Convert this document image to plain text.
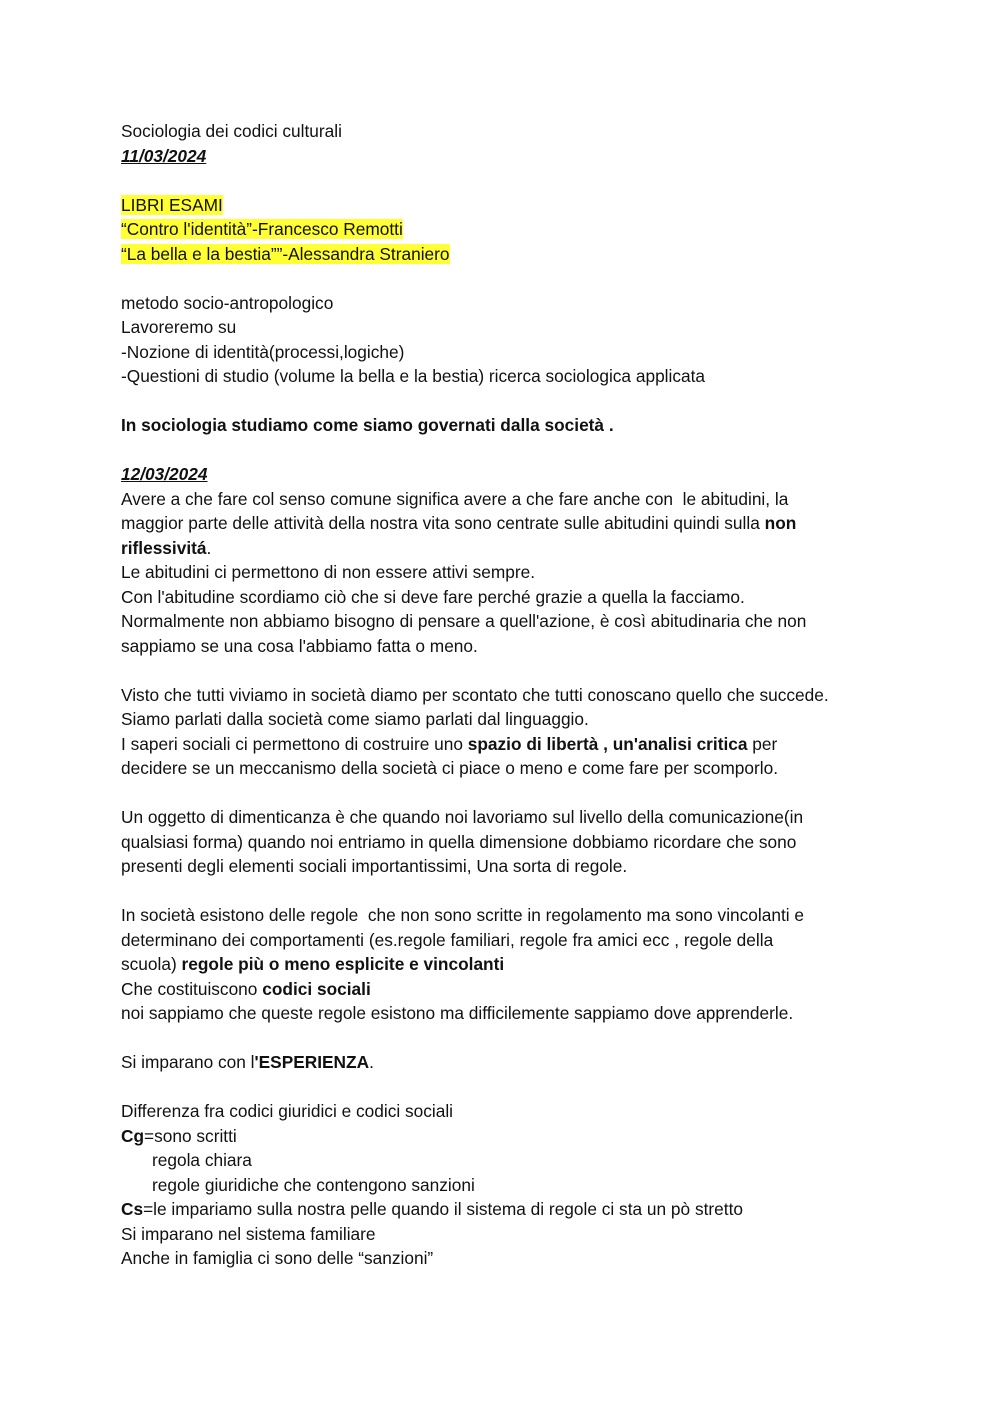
Sociologia dei codici culturali

11/03/2024

LIBRI ESAMI

“Contro l'identità”-Francesco Remotti

“La bella e la bestia””-Alessandra Straniero

metodo socio-antropologico

Lavoreremo su

-Nozione di identità(processi,logiche)

-Questioni di studio (volume la bella e la bestia) ricerca sociologica applicata

In sociologia studiamo come siamo governati dalla società .

12/03/2024

Avere a che fare col senso comune significa avere a che fare anche con  le abitudini, la

maggior parte delle attività della nostra vita sono centrate sulle abitudini quindi sulla non

riflessivitá.

Le abitudini ci permettono di non essere attivi sempre.

Con l'abitudine scordiamo ciò che si deve fare perché grazie a quella la facciamo.

Normalmente non abbiamo bisogno di pensare a quell'azione, è così abitudinaria che non

sappiamo se una cosa l'abbiamo fatta o meno.

Visto che tutti viviamo in società diamo per scontato che tutti conoscano quello che succede.

Siamo parlati dalla società come siamo parlati dal linguaggio.

I saperi sociali ci permettono di costruire uno spazio di libertà , un'analisi critica per

decidere se un meccanismo della società ci piace o meno e come fare per scomporlo.

Un oggetto di dimenticanza è che quando noi lavoriamo sul livello della comunicazione(in

qualsiasi forma) quando noi entriamo in quella dimensione dobbiamo ricordare che sono

presenti degli elementi sociali importantissimi, Una sorta di regole.

In società esistono delle regole  che non sono scritte in regolamento ma sono vincolanti e

determinano dei comportamenti (es.regole familiari, regole fra amici ecc , regole della

scuola) regole più o meno esplicite e vincolanti

Che costituiscono codici sociali

noi sappiamo che queste regole esistono ma difficilemente sappiamo dove apprenderle.

Si imparano con l'ESPERIENZA.

Differenza fra codici giuridici e codici sociali

Cg=sono scritti

regola chiara

regole giuridiche che contengono sanzioni

Cs=le impariamo sulla nostra pelle quando il sistema di regole ci sta un pò stretto

Si imparano nel sistema familiare

Anche in famiglia ci sono delle “sanzioni”
